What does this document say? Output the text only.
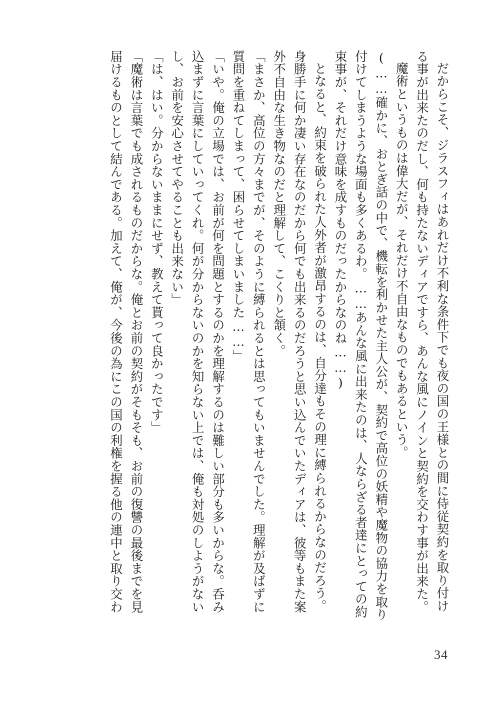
だからこそ、ジラスフィはあれだけ不利な条件下でも夜の国の王様との間に侍従契約を取り付ける事が出来たのだし、何も持たないディアですら、あんな風にノインと契約を交わす事が出来た。

魔術というものは偉大だが、それだけ不自由なものでもあるという。

(……確かに、おとぎ話の中で、機転を利かせた主人公が、契約で高位の妖精や魔物の協力を取り付けてしまうような場面も多くあるわ。……あんな風に出来たのは、人ならざる者達にとっての約束事が、それだけ意味を成すものだったからなのね……)

となると、約束を破られた人外者が激昂するのは、自分達もその理に縛られるからなのだろう。身勝手に何か凄い存在なのだから何でも出来るのだろうと思い込んでいたディアは、彼等もまた案外不自由な生き物なのだと理解して、こくりと頷く。

「まさか、高位の方々までが、そのように縛られるとは思ってもいませんでした。理解が及ばずに質問を重ねてしまって、困らせてしまいました……」

「いや。俺の立場では、お前が何を問題とするのかを理解するのは難しい部分も多いからな。呑み込まずに言葉にしていってくれ。何が分からないのかを知らない上では、俺も対処のしようがないし、お前を安心させてやることも出来ない」

「は、はい。分からないままにせず、教えて貰って良かったです」

「魔術は言葉でも成されるものだからな。俺とお前の契約がそもそも、お前の復讐の最後までを見届けるものとして結んである。加えて、俺が、今後の為にこの国の利権を握る他の連中と取り交わ

34
